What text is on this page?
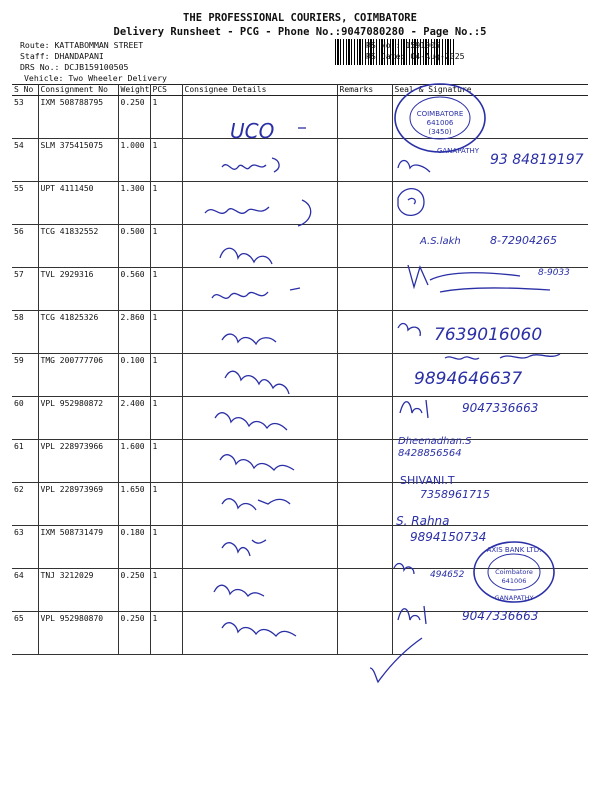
THE PROFESSIONAL COURIERS, COIMBATORE
Delivery Runsheet - PCG - Phone No.:9047080280 - Page No.:5
Route: KATTABOMMAN STREET
Staff: DHANDAPANI
DRS No.: DCJB159100505
Vehicle: Two Wheeler Delivery
RS No.: 1591005
RS Date: 04-Aug-2025
S No	Consignment No	Weight	PCS	Consignee Details	Remarks	Seal & Signature
53	IXM 508788795	0.250	1			
54	SLM 375415075	1.000	1			
55	UPT 4111450	1.300	1			
56	TCG 41832552	0.500	1			
57	TVL 2929316	0.560	1			
58	TCG 41825326	2.860	1			
59	TMG 200777706	0.100	1			
60	VPL 952980872	2.400	1			
61	VPL 228973966	1.600	1			
62	VPL 228973969	1.650	1			
63	IXM 508731479	0.180	1			
64	TNJ 3212029	0.250	1			
65	VPL 952980870	0.250	1			
COIMBATORE
641006
(3450)
GANAPATHY
UCO
93 84819197
A.S.lakh	8-72904265
8-9033
7639016060
9894646637
9047336663
Dheenadhan.S
8428856564
SHIVANI.T
7358961715
S. Rahna
9894150734
494652
AXIS BANK LTD.
Coimbatore
641006
GANAPATHY
9047336663
